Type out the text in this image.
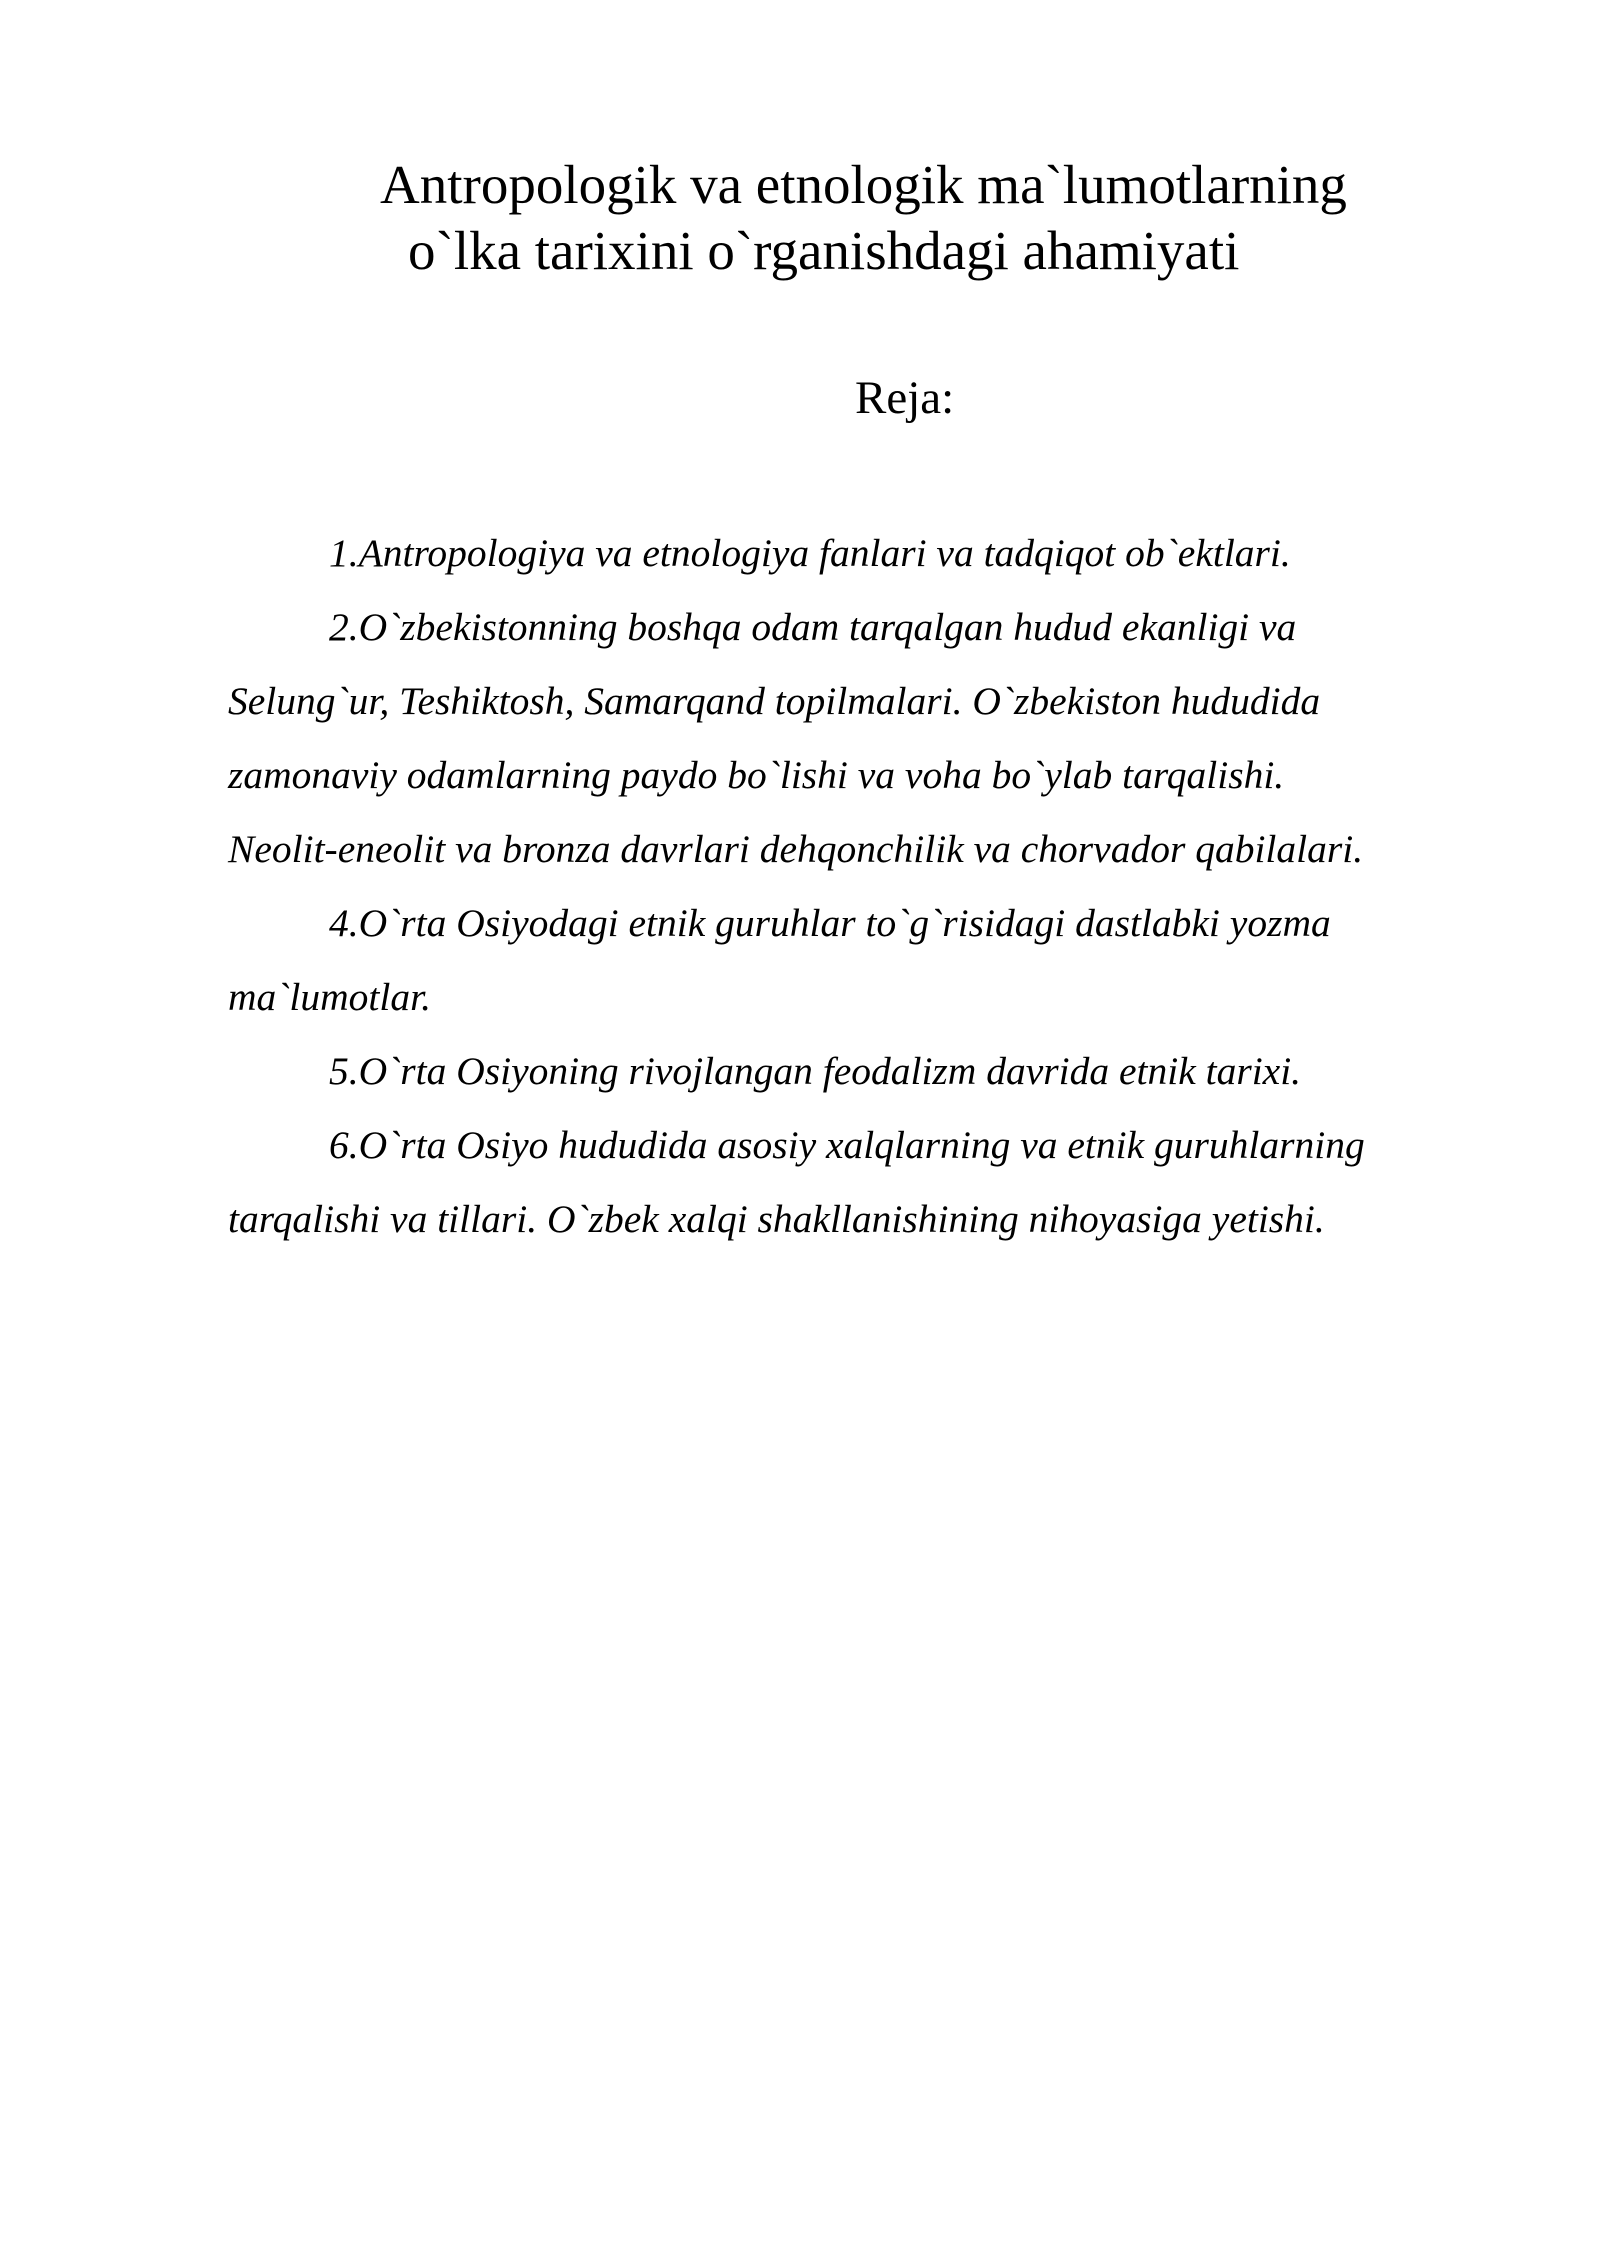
Antropologik va etnologik ma`lumotlarning
o`lka tarixini o`rganishdagi ahamiyati
Reja:
1.Antropologiya va etnologiya fanlari va tadqiqot ob`ektlari.
2.O`zbekistonning boshqa odam tarqalgan hudud ekanligi va
Selung`ur, Teshiktosh, Samarqand topilmalari. O`zbekiston hududida
zamonaviy odamlarning paydo bo`lishi va voha bo`ylab tarqalishi.
Neolit-eneolit va bronza davrlari dehqonchilik va chorvador qabilalari.
4.O`rta Osiyodagi etnik guruhlar to`g`risidagi dastlabki yozma
ma`lumotlar.
5.O`rta Osiyoning rivojlangan feodalizm davrida etnik tarixi.
6.O`rta Osiyo hududida asosiy xalqlarning va etnik guruhlarning
tarqalishi va tillari. O`zbek xalqi shakllanishining nihoyasiga yetishi.
